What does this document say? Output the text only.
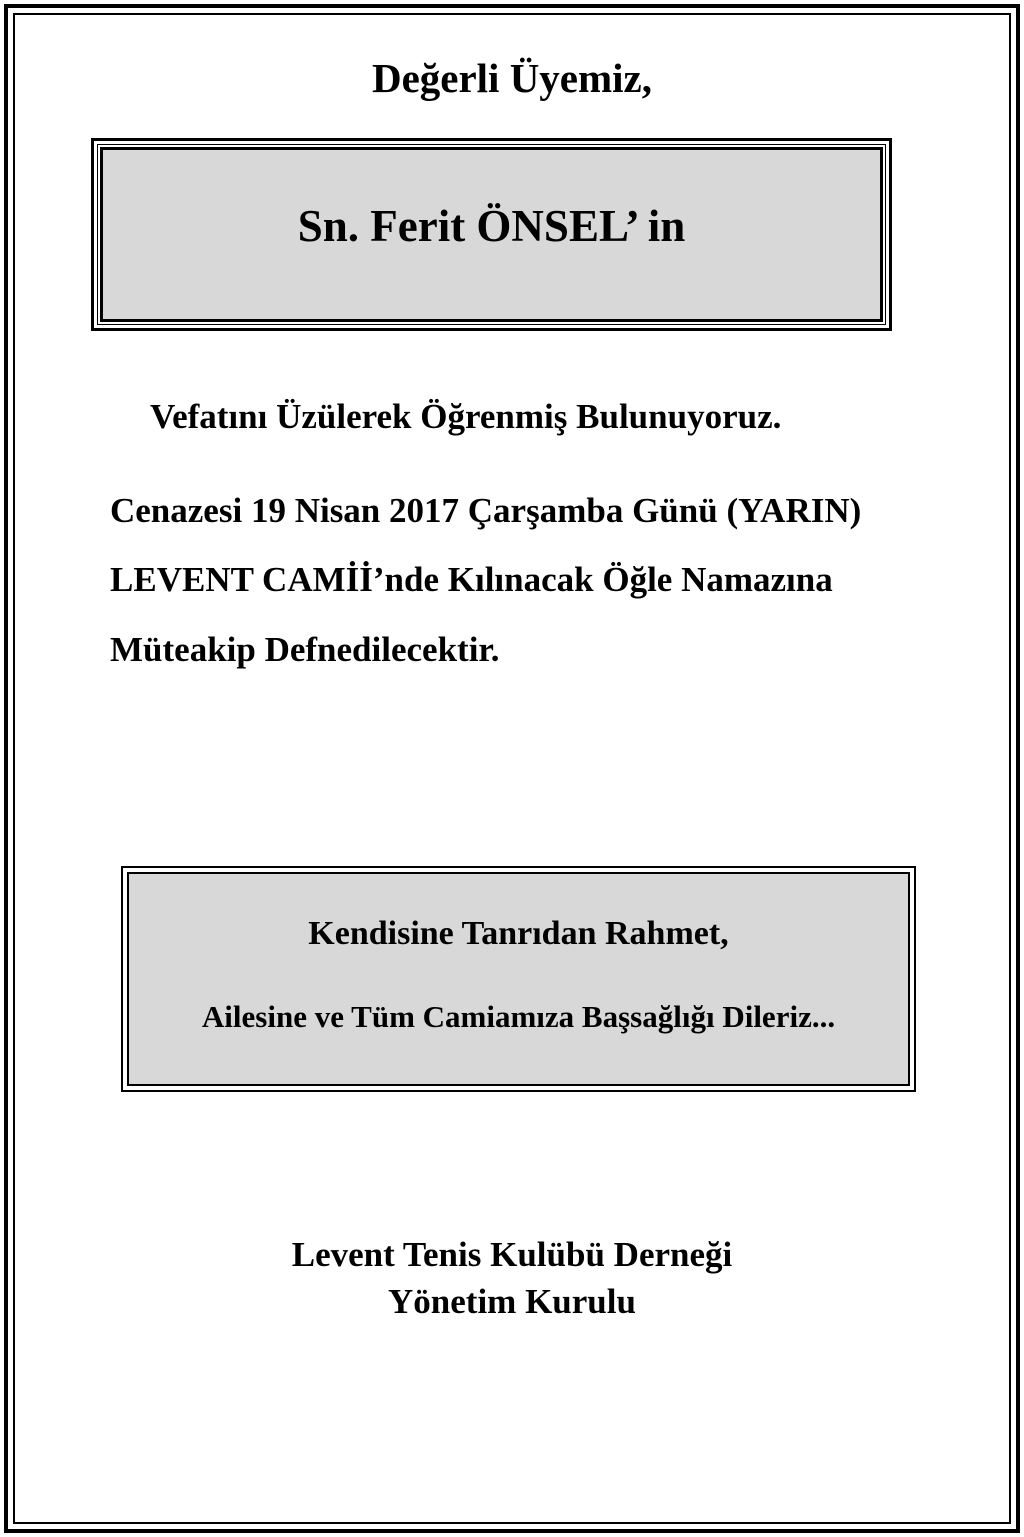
Değerli Üyemiz,

Sn. Ferit ÖNSEL’ in

Vefatını Üzülerek Öğrenmiş Bulunuyoruz.

Cenazesi 19 Nisan 2017 Çarşamba Günü (YARIN)

LEVENT CAMİİ’nde Kılınacak Öğle Namazına

Müteakip Defnedilecektir.

Kendisine Tanrıdan Rahmet,

Ailesine ve Tüm Camiamıza Başsağlığı Dileriz...

Levent Tenis Kulübü Derneği

Yönetim Kurulu
